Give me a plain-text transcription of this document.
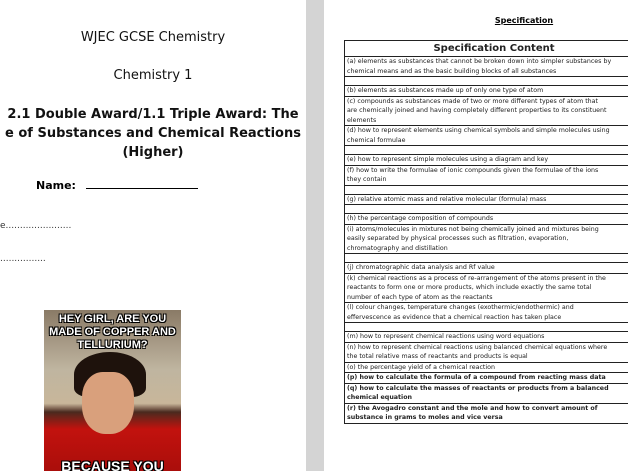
WJEC GCSE Chemistry
Chemistry 1
2.1 Double Award/1.1 Triple Award: The
e of Substances and Chemical Reactions
(Higher)
Name:
e.......................
................
HEY GIRL, ARE YOU MADE OF COPPER AND TELLURIUM?
BECAUSE YOU
Specification
Specification Content

(a) elements as substances that cannot be broken down into simpler substances by
chemical means and as the basic building blocks of all substances

(b) elements as substances made up of only one type of atom

(c) compounds as substances made of two or more different types of atom that
are chemically joined and having completely different properties to its constituent
elements

(d) how to represent elements using chemical symbols and simple molecules using
chemical formulae

(e) how to represent simple molecules using a diagram and key

(f) how to write the formulae of ionic compounds given the formulae of the ions
they contain

(g) relative atomic mass and relative molecular (formula) mass

(h) the percentage composition of compounds

(i) atoms/molecules in mixtures not being chemically joined and mixtures being
easily separated by physical processes such as filtration, evaporation,
chromatography and distillation

(j) chromatographic data analysis and Rf value

(k) chemical reactions as a process of re-arrangement of the atoms present in the
reactants to form one or more products, which include exactly the same total
number of each type of atom as the reactants

(l) colour changes, temperature changes (exothermic/endothermic) and
effervescence as evidence that a chemical reaction has taken place

(m) how to represent chemical reactions using word equations

(n) how to represent chemical reactions using balanced chemical equations where
the total relative mass of reactants and products is equal

(o) the percentage yield of a chemical reaction

(p) how to calculate the formula of a compound from reacting mass data

(q) how to calculate the masses of reactants or products from a balanced
chemical equation

(r) the Avogadro constant and the mole and how to convert amount of
substance in grams to moles and vice versa
